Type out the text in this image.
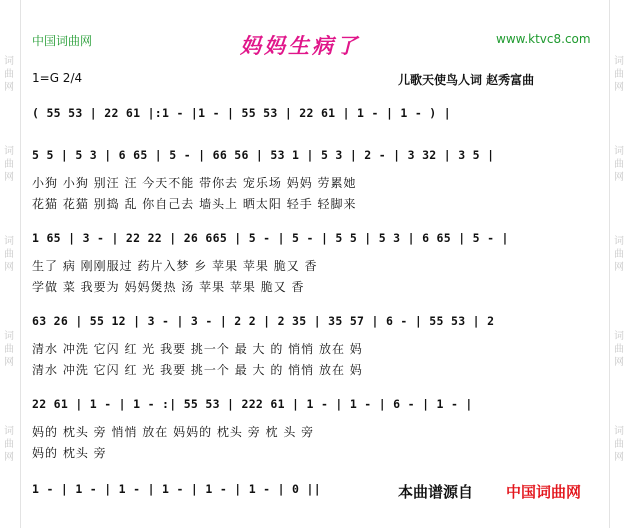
词曲网
词曲网
词曲网
词曲网
词曲网
词曲网
词曲网
词曲网
词曲网
词曲网
中国词曲网	妈妈生病了	www.ktvc8.com
1=G 2/4	儿歌天使鸟人词 赵秀富曲
( 55 53 | 22 61 |:1 - |1 - | 55 53 | 22 61 | 1 - | 1 - ) |
5 5 | 5 3 | 6 65 | 5 - | 66 56 | 53 1 | 5 3 | 2 - | 3 32 | 3 5 |
小狗 小狗 别汪 汪 今天不能 带你去 宠乐场 妈妈 劳累她
花猫 花猫 别捣 乱 你自己去 墙头上 晒太阳 轻手 轻脚来
1 65 | 3 - | 22 22 | 26 665 | 5 - | 5 - | 5 5 | 5 3 | 6 65 | 5 - |
生了 病 刚刚服过 药片入梦 乡 苹果 苹果 脆又 香
学做 菜 我要为 妈妈煲热 汤 苹果 苹果 脆又 香
63 26 | 55 12 | 3 - | 3 - | 2 2 | 2 35 | 35 57 | 6 - | 55 53 | 2
清水 冲洗 它闪 红 光 我要 挑一个 最 大 的 悄悄 放在 妈
清水 冲洗 它闪 红 光 我要 挑一个 最 大 的 悄悄 放在 妈
22 61 | 1 - | 1 - :| 55 53 | 222 61 | 1 - | 1 - | 6 - | 1 - |
妈的 枕头 旁 悄悄 放在 妈妈的 枕头 旁 枕 头 旁
妈的 枕头 旁
1 - | 1 - | 1 - | 1 - | 1 - | 1 - | 0 ||	本曲谱源自 中国词曲网
